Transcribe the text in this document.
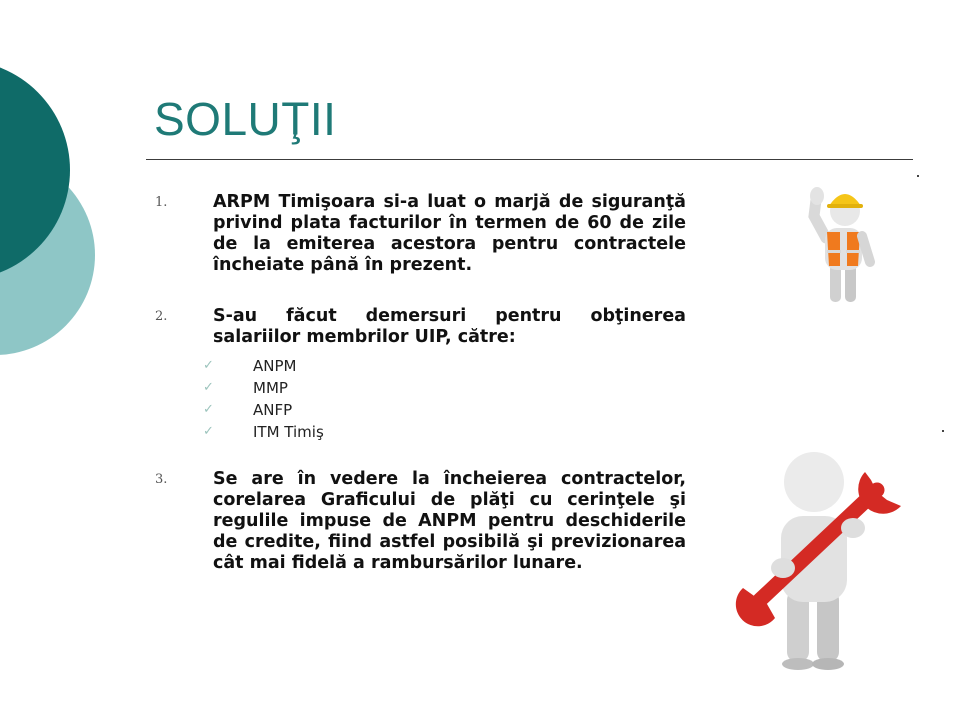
SOLUŢII
1.	ARPM Timişoara si-a luat o marjă de siguranţă privind plata facturilor în termen de 60 de zile de la emiterea acestora pentru contractele încheiate până în prezent.
2.	S-au făcut demersuri pentru obţinerea salariilor membrilor UIP, către:
✓	ANPM
✓	MMP
✓	ANFP
✓	ITM Timiş
3.	Se are în vedere la încheierea contractelor, corelarea Graficului de plăţi cu cerinţele şi regulile impuse de ANPM pentru deschiderile de credite, fiind astfel posibilă şi previzionarea cât mai fidelă a rambursărilor lunare.
